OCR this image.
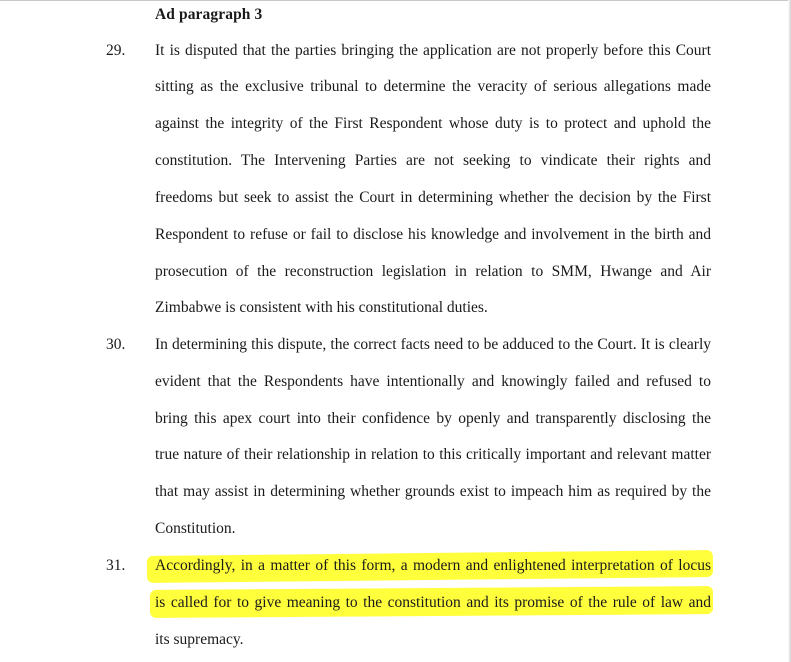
Ad paragraph 3
29. It is disputed that the parties bringing the application are not properly before this Court
sitting as the exclusive tribunal to determine the veracity of serious allegations made
against the integrity of the First Respondent whose duty is to protect and uphold the
constitution. The Intervening Parties are not seeking to vindicate their rights and
freedoms but seek to assist the Court in determining whether the decision by the First
Respondent to refuse or fail to disclose his knowledge and involvement in the birth and
prosecution of the reconstruction legislation in relation to SMM, Hwange and Air
Zimbabwe is consistent with his constitutional duties.
30. In determining this dispute, the correct facts need to be adduced to the Court. It is clearly
evident that the Respondents have intentionally and knowingly failed and refused to
bring this apex court into their confidence by openly and transparently disclosing the
true nature of their relationship in relation to this critically important and relevant matter
that may assist in determining whether grounds exist to impeach him as required by the
Constitution.
31. Accordingly, in a matter of this form, a modern and enlightened interpretation of locus
is called for to give meaning to the constitution and its promise of the rule of law and
its supremacy.
